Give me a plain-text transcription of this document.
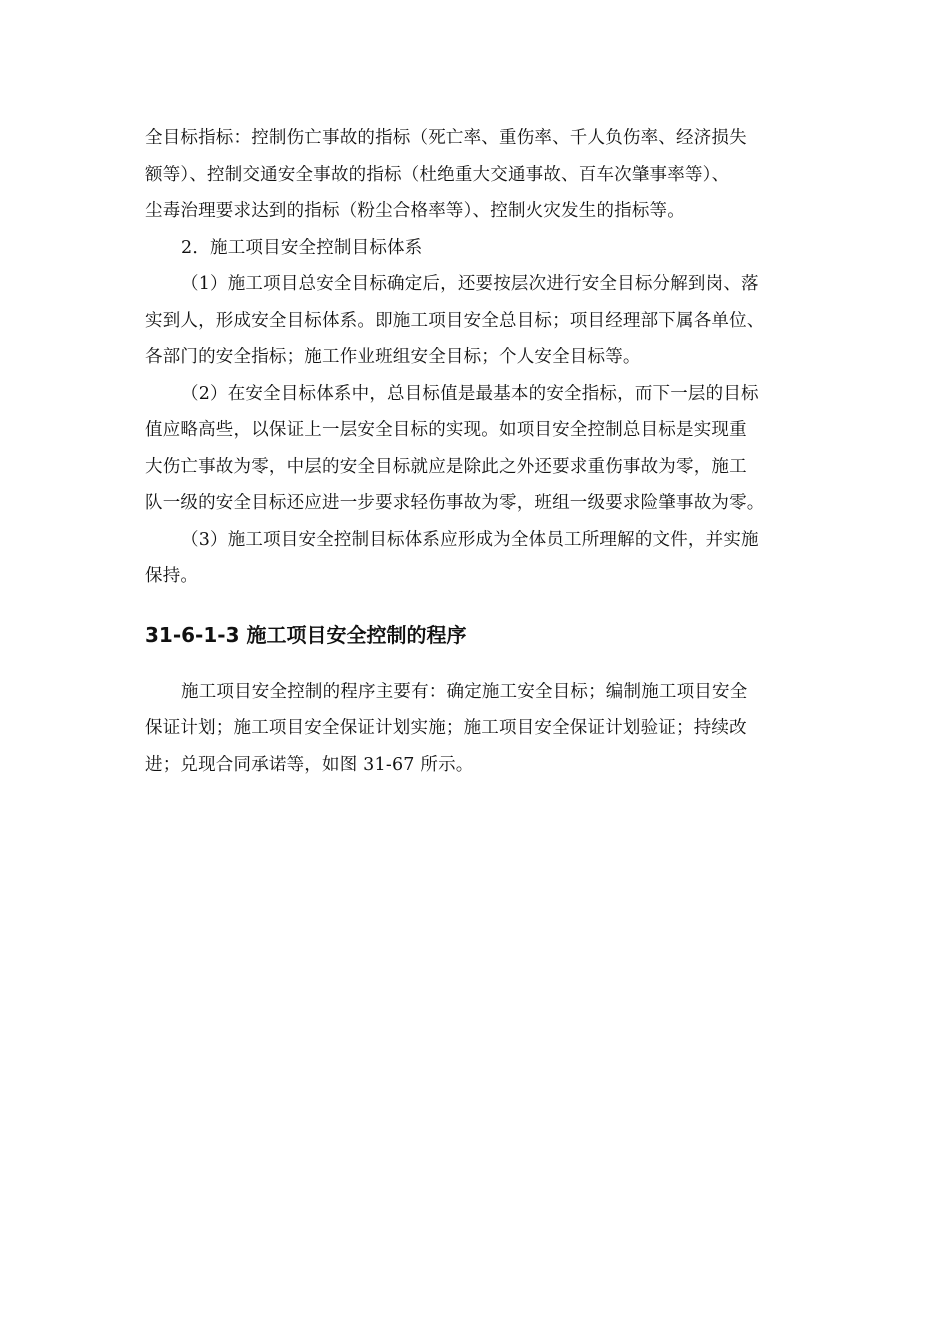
全目标指标：控制伤亡事故的指标（死亡率、重伤率、千人负伤率、经济损失
额等）、控制交通安全事故的指标（杜绝重大交通事故、百车次肇事率等）、
尘毒治理要求达到的指标（粉尘合格率等）、控制火灾发生的指标等。
2．施工项目安全控制目标体系
（1）施工项目总安全目标确定后，还要按层次进行安全目标分解到岗、落
实到人，形成安全目标体系。即施工项目安全总目标；项目经理部下属各单位、
各部门的安全指标；施工作业班组安全目标；个人安全目标等。
（2）在安全目标体系中，总目标值是最基本的安全指标，而下一层的目标
值应略高些，以保证上一层安全目标的实现。如项目安全控制总目标是实现重
大伤亡事故为零，中层的安全目标就应是除此之外还要求重伤事故为零，施工
队一级的安全目标还应进一步要求轻伤事故为零，班组一级要求险肇事故为零。
（3）施工项目安全控制目标体系应形成为全体员工所理解的文件，并实施
保持。
31-6-1-3 施工项目安全控制的程序
施工项目安全控制的程序主要有：确定施工安全目标；编制施工项目安全
保证计划；施工项目安全保证计划实施；施工项目安全保证计划验证；持续改
进；兑现合同承诺等，如图 31-67 所示。
